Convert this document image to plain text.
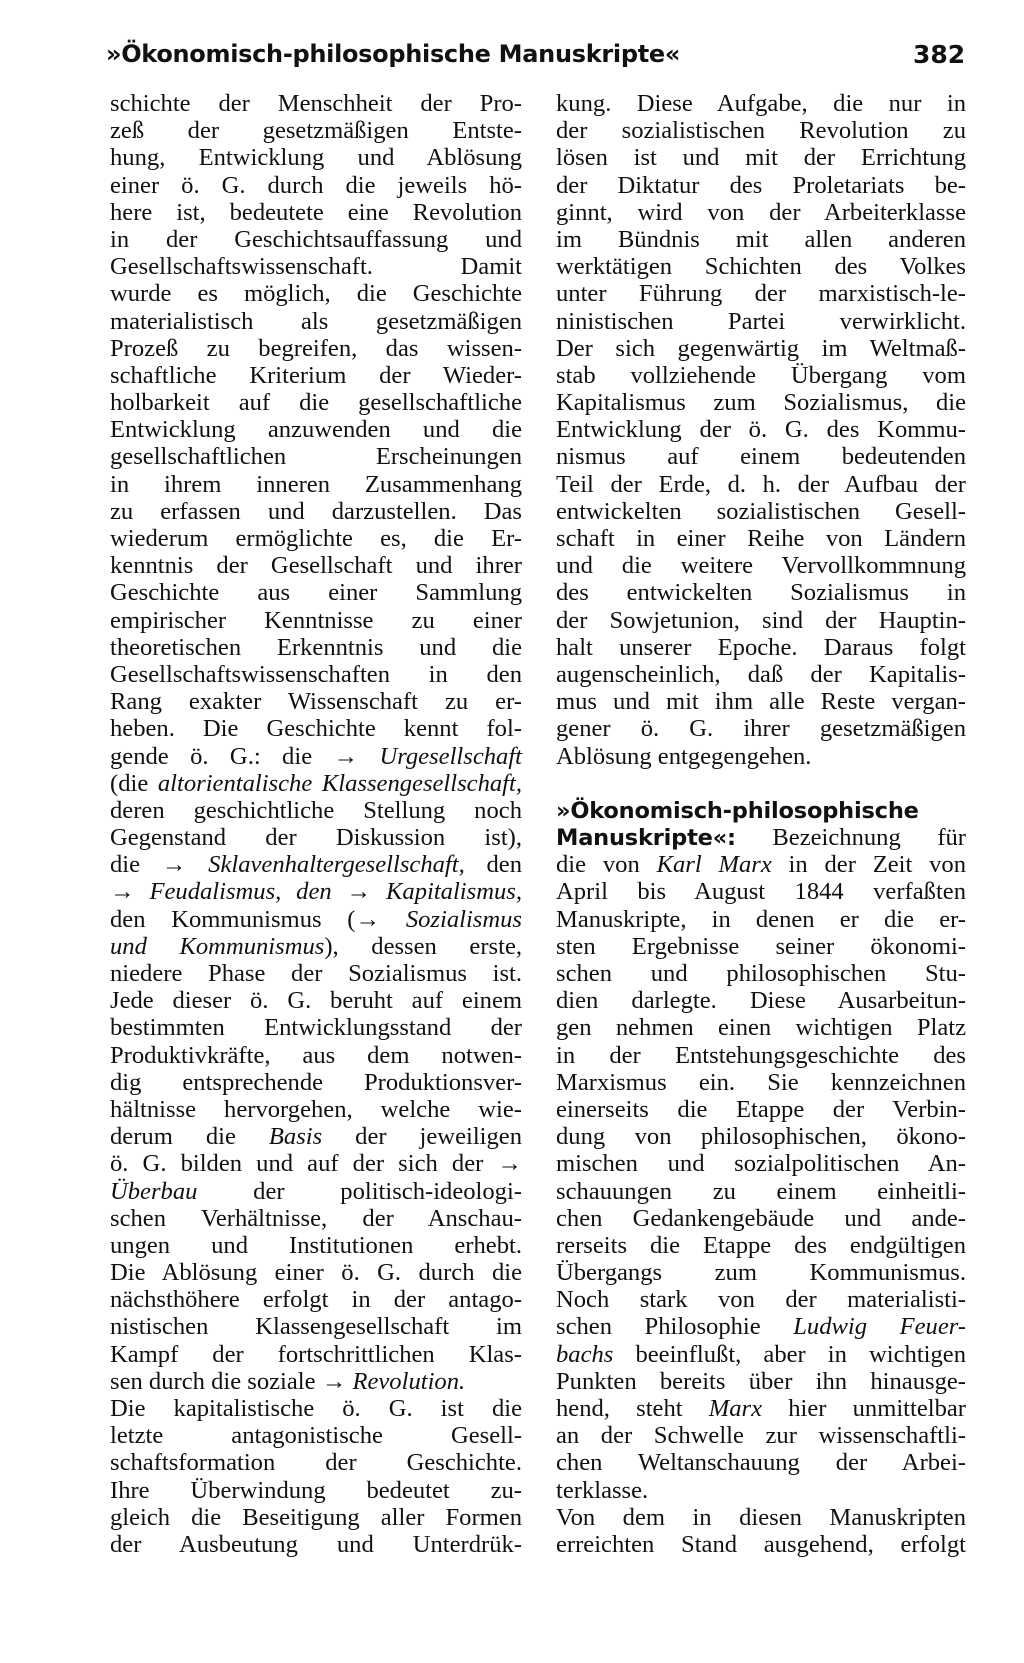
»Ökonomisch-philosophische Manuskripte«	382
schichte der Menschheit der Pro-
zeß der gesetzmäßigen Entste-
hung, Entwicklung und Ablösung
einer ö. G. durch die jeweils hö-
here ist, bedeutete eine Revolution
in der Geschichtsauffassung und
Gesellschaftswissenschaft. Damit
wurde es möglich, die Geschichte
materialistisch als gesetzmäßigen
Prozeß zu begreifen, das wissen-
schaftliche Kriterium der Wieder-
holbarkeit auf die gesellschaftliche
Entwicklung anzuwenden und die
gesellschaftlichen Erscheinungen
in ihrem inneren Zusammenhang
zu erfassen und darzustellen. Das
wiederum ermöglichte es, die Er-
kenntnis der Gesellschaft und ihrer
Geschichte aus einer Sammlung
empirischer Kenntnisse zu einer
theoretischen Erkenntnis und die
Gesellschaftswissenschaften in den
Rang exakter Wissenschaft zu er-
heben. Die Geschichte kennt fol-
gende ö. G.: die → Urgesellschaft
(die altorientalische Klassengesellschaft,
deren geschichtliche Stellung noch
Gegenstand der Diskussion ist),
die → Sklavenhaltergesellschaft, den
→ Feudalismus, den → Kapitalismus,
den Kommunismus (→ Sozialismus
und Kommunismus), dessen erste,
niedere Phase der Sozialismus ist.
Jede dieser ö. G. beruht auf einem
bestimmten Entwicklungsstand der
Produktivkräfte, aus dem notwen-
dig entsprechende Produktionsver-
hältnisse hervorgehen, welche wie-
derum die Basis der jeweiligen
ö. G. bilden und auf der sich der →
Überbau der politisch-ideologi-
schen Verhältnisse, der Anschau-
ungen und Institutionen erhebt.
Die Ablösung einer ö. G. durch die
nächsthöhere erfolgt in der antago-
nistischen Klassengesellschaft im
Kampf der fortschrittlichen Klas-
sen durch die soziale → Revolution.
Die kapitalistische ö. G. ist die
letzte antagonistische Gesell-
schaftsformation der Geschichte.
Ihre Überwindung bedeutet zu-
gleich die Beseitigung aller Formen
der Ausbeutung und Unterdrük-
kung. Diese Aufgabe, die nur in
der sozialistischen Revolution zu
lösen ist und mit der Errichtung
der Diktatur des Proletariats be-
ginnt, wird von der Arbeiterklasse
im Bündnis mit allen anderen
werktätigen Schichten des Volkes
unter Führung der marxistisch-le-
ninistischen Partei verwirklicht.
Der sich gegenwärtig im Weltmaß-
stab vollziehende Übergang vom
Kapitalismus zum Sozialismus, die
Entwicklung der ö. G. des Kommu-
nismus auf einem bedeutenden
Teil der Erde, d. h. der Aufbau der
entwickelten sozialistischen Gesell-
schaft in einer Reihe von Ländern
und die weitere Vervollkommnung
des entwickelten Sozialismus in
der Sowjetunion, sind der Hauptin-
halt unserer Epoche. Daraus folgt
augenscheinlich, daß der Kapitalis-
mus und mit ihm alle Reste vergan-
gener ö. G. ihrer gesetzmäßigen
Ablösung entgegengehen.
»Ökonomisch-philosophische
Manuskripte«: Bezeichnung für
die von Karl Marx in der Zeit von
April bis August 1844 verfaßten
Manuskripte, in denen er die er-
sten Ergebnisse seiner ökonomi-
schen und philosophischen Stu-
dien darlegte. Diese Ausarbeitun-
gen nehmen einen wichtigen Platz
in der Entstehungsgeschichte des
Marxismus ein. Sie kennzeichnen
einerseits die Etappe der Verbin-
dung von philosophischen, ökono-
mischen und sozialpolitischen An-
schauungen zu einem einheitli-
chen Gedankengebäude und ande-
rerseits die Etappe des endgültigen
Übergangs zum Kommunismus.
Noch stark von der materialisti-
schen Philosophie Ludwig Feuer-
bachs beeinflußt, aber in wichtigen
Punkten bereits über ihn hinausge-
hend, steht Marx hier unmittelbar
an der Schwelle zur wissenschaftli-
chen Weltanschauung der Arbei-
terklasse.
Von dem in diesen Manuskripten
erreichten Stand ausgehend, erfolgt
